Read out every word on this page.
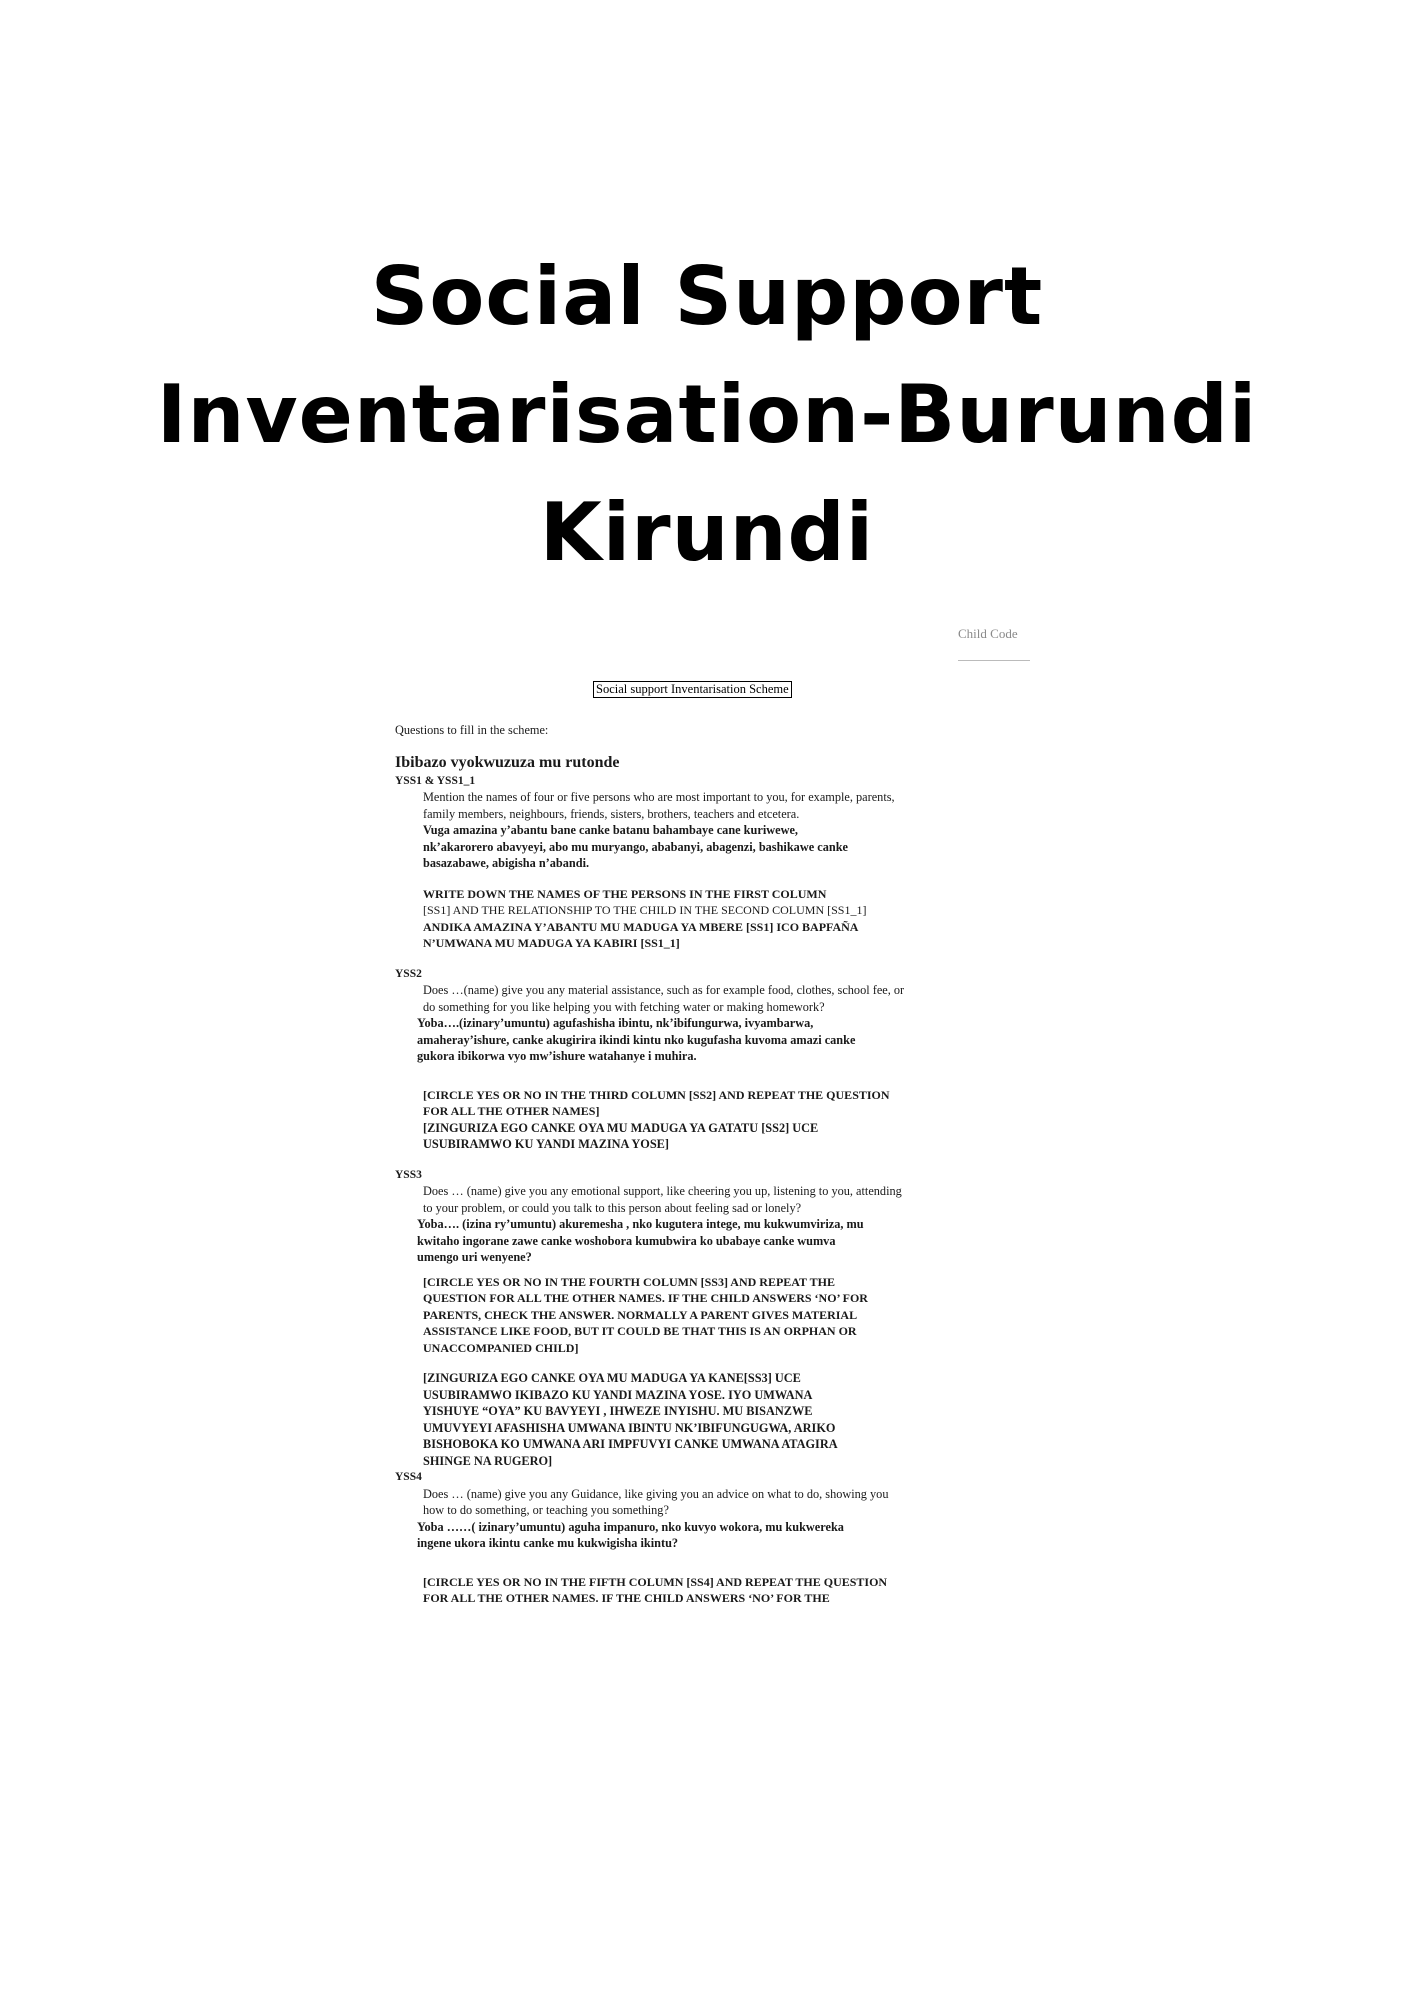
Social Support
Inventarisation-Burundi
Kirundi
Child Code
Social support Inventarisation Scheme

Questions to fill in the scheme:

Ibibazo vyokwuzuza mu rutonde

YSS1 & YSS1_1

Mention the names of four or five persons who are most important to you, for example, parents,

family members, neighbours, friends, sisters, brothers, teachers and etcetera.

Vuga amazina y’abantu bane canke batanu bahambaye cane kuriwewe,

nk’akarorero abavyeyi, abo mu muryango, ababanyi, abagenzi, bashikawe canke

basazabawe, abigisha n’abandi.

WRITE DOWN THE NAMES OF THE PERSONS IN THE FIRST COLUMN

[SS1] AND THE RELATIONSHIP TO THE CHILD IN THE SECOND COLUMN [SS1_1]

ANDIKA AMAZINA Y’ABANTU MU MADUGA YA MBERE [SS1] ICO BAPFAÑA

N’UMWANA MU MADUGA YA KABIRI [SS1_1]

YSS2

Does …(name) give you any material assistance, such as for example food, clothes, school fee, or

do something for you like helping you with fetching water or making homework?

Yoba….(izinary’umuntu) agufashisha ibintu, nk’ibifungurwa, ivyambarwa,

amaheray’ishure, canke akugirira ikindi kintu nko kugufasha kuvoma amazi canke

gukora ibikorwa vyo mw’ishure watahanye i muhira.

[CIRCLE YES OR NO IN THE THIRD COLUMN [SS2] AND REPEAT THE QUESTION

FOR ALL THE OTHER NAMES]

[ZINGURIZA EGO CANKE OYA MU MADUGA YA GATATU [SS2] UCE

USUBIRAMWO KU YANDI MAZINA YOSE]

YSS3

Does … (name) give you any emotional support, like cheering you up, listening to you, attending

to your problem, or could you talk to this person about feeling sad or lonely?

Yoba…. (izina ry’umuntu) akuremesha , nko kugutera intege, mu kukwumviriza, mu

kwitaho ingorane zawe canke woshobora kumubwira ko ubabaye canke wumva

umengo uri wenyene?

[CIRCLE YES OR NO IN THE FOURTH COLUMN [SS3] AND REPEAT THE

QUESTION FOR ALL THE OTHER NAMES. IF THE CHILD ANSWERS ‘NO’ FOR

PARENTS, CHECK THE ANSWER. NORMALLY A PARENT GIVES MATERIAL

ASSISTANCE LIKE FOOD, BUT IT COULD BE THAT THIS IS AN ORPHAN OR

UNACCOMPANIED CHILD]

[ZINGURIZA EGO CANKE OYA MU MADUGA YA KANE[SS3] UCE

USUBIRAMWO IKIBAZO KU YANDI MAZINA YOSE. IYO UMWANA

YISHUYE “OYA” KU BAVYEYI , IHWEZE INYISHU. MU BISANZWE

UMUVYEYI AFASHISHA UMWANA IBINTU NK’IBIFUNGUGWA, ARIKO

BISHOBOKA KO UMWANA ARI IMPFUVYI CANKE UMWANA ATAGIRA

SHINGE NA RUGERO]

YSS4

Does … (name) give you any Guidance, like giving you an advice on what to do, showing you

how to do something, or teaching you something?

Yoba ……( izinary’umuntu) aguha impanuro, nko kuvyo wokora, mu kukwereka

ingene ukora ikintu canke mu kukwigisha ikintu?

[CIRCLE YES OR NO IN THE FIFTH COLUMN [SS4] AND REPEAT THE QUESTION

FOR ALL THE OTHER NAMES. IF THE CHILD ANSWERS ‘NO’ FOR THE
